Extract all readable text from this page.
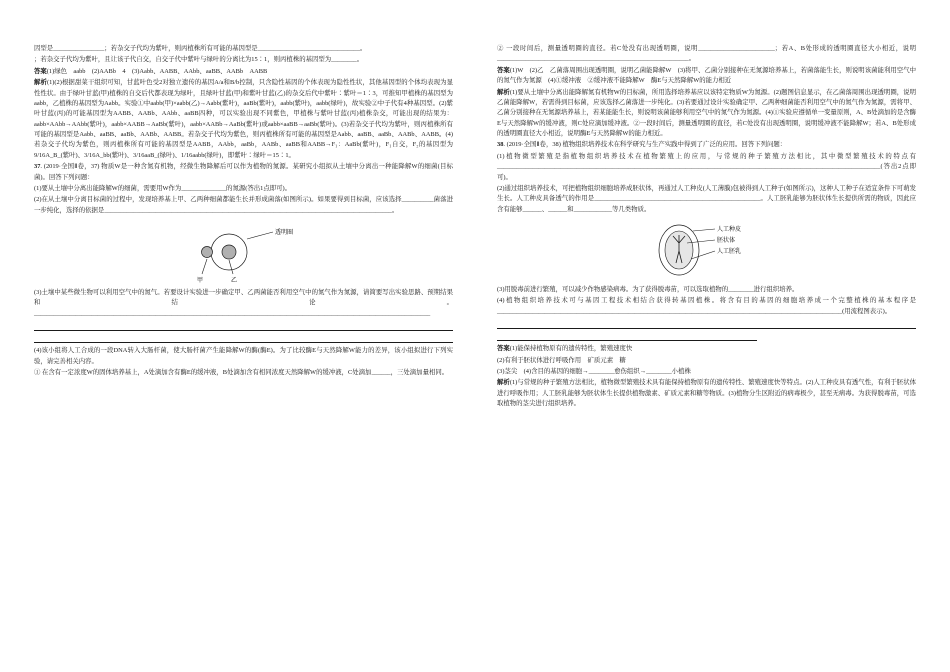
因型是________________；若杂交子代均为紫叶，则丙植株所有可能的基因型是________________________________。

；若杂交子代均为紫叶，且让该子代自交，自交子代中紫叶与绿叶的分离比为15∶1，则丙植株的基因型为________。

答案(1)绿色　aabb　(2)AABb　4　(3)Aabb、AABB、AAbb、aaBB、AABb　AABB

解析(1)(2)根据甜菜干组织可知，甘蓝叶色受2对独立遗传的基因A/a和B/b控制，只含隐性基因的个体表现为隐性性状，其他基因型的个体均表现为显性性状。由于绿叶甘蓝(甲)植株的自交后代都表现为绿叶，且绿叶甘蓝(甲)和紫叶甘蓝(乙)的杂交后代中紫叶∶紫叶＝1∶3，可推知甲植株的基因型为aabb，乙植株的基因型为Aabb。实验①中aabb(甲)×aabb(乙)→Aabb(紫叶)，aaBb(紫叶)，aabb(紫叶)，aabb(绿叶)，故实验②中子代有4种基因型。(2)紫叶甘蓝(丙)的可能基因型为AABB、AABb、AAbb、aaBB四种，可以实验出现不同紫色，甲植株与紫叶甘蓝(丙)植株杂交，可能出现的结果为：aabb×AAbb→AAbb(紫叶)，aabb×AABB→AaBb(紫叶)，aabb×AABb→AaBb(紫叶)或aabb×aaBB→aaBb(紫叶)。(3)若杂交子代均为紫叶，则丙植株所有可能的基因型是Aabb、aaBB、aaBb、AABb、AABB。若杂交子代均为紫色，则丙植株所有可能的基因型是Aabb、aaBB、aaBb、AABb、AABB。(4)若杂交子代均为紫色，则丙植株所有可能的基因型是AABB，AAbb，aaBb，AABb、aaBB和AABB→F₁：AaBb(紫叶)，F₁自交，F₂的基因型为9/16A_B_(紫叶)、3/16A_bb(紫叶)、3/16aaB_(绿叶)、1/16aabb(绿叶)，即紫叶∶绿叶＝15∶1。

37. (2019·全国Ⅱ卷，37) 物质W是一种含氮有机物，经微生物降解后可以作为植物的氮源。某研究小组拟从土壤中分离出一种能降解W的细菌(目标菌)。回答下列问题：

(1)要从土壤中分离出能降解W的细菌，需要用W作为______________的氮源(答出1点即可)。

(2)在从土壤中分离目标菌的过程中，发现培养基上甲、乙两种细菌都能生长并形成菌落(如图所示)。如果要得到目标菌，应该选择__________菌落进一步纯化，选择的依据是__________________________________________________________________________________________。

透明圈
甲	乙

(3)土壤中某些微生物可以利用空气中的氮气。若要设计实验进一步确定甲、乙两菌能否利用空气中的氮气作为氮源，请简要写出实验思路、预期结果和结论。____________________________________________________________________________________________________________________________

(4)该小组将人工合成的一段DNA转入大肠杆菌，使大肠杆菌产生能降解W的酶(酶E)。为了比较酶E与天然降解W能力的差异，该小组拟进行下列实验，请完善相关内容。

① 在含有一定浓度W的固体培养基上，A处滴加含有酶E的缓冲液，B处滴加含有相同浓度天然降解W的缓冲液，C处滴加______，三处滴加量相同。

② 一段时间后，测量透明圈的直径。若C处没有出现透明圈，说明________________________；若A、B处形成的透明圈直径大小相近，说明____________________________________________________________。

答案(1)W　(2)乙　乙菌落周围出现透明圈，说明乙菌能降解W　(3)将甲、乙菌分别接种在无氮源培养基上，若菌落能生长，则说明该菌能利用空气中的氮气作为氮源　(4)①缓冲液　②缓冲液不能降解W　酶E与天然降解W的能力相近

解析(1)要从土壤中分离出能降解氮有机物W的目标菌，所用选择培养基应以该特定物质W为氮源。(2)题图信息显示，在乙菌落周围出现透明圈，说明乙菌能降解W，若需得到目标菌，应该选择乙菌落进一步纯化。(3)若要通过设计实验确定甲、乙两种细菌能否利用空气中的氮气作为氮源，需将甲、乙菌分别接种在无氮源培养基上，若某能能生长，则说明该菌能够利用空气中的氮气作为氮源。(4)①实验应遵循单一变量原则，A、B处滴加的是含酶E与天然降解W的缓冲液，则C处应滴加缓冲液。②一段时间后，测量透明圈的直径，若C处没有出现透明圈，说明缓冲液不能降解W；若A、B处形成的透明圈直径大小相近，说明酶E与天然降解W的能力相近。

38. (2019·全国Ⅱ卷，38) 植物组织培养技术在科学研究与生产实践中得到了广泛的应用。回答下列问题：

(1)植物微型繁殖是指植物组织培养技术在植物繁殖上的应用，与常规的种子繁殖方法相比，其中微型繁殖技术的特点有________________________________________________________________________________________________________________________(答出2点即可)。

(2)通过组织培养技术，可把植物组织细胞培养成胚状体，再通过人工种皮(人工薄膜)包被得到人工种子(如图所示)，这种人工种子在适宜条件下可萌发生长。人工种皮具备透气的作用是____________________________________________________。人工胚乳能够为胚状体生长提供所需的物质，因此应含有能够______、______和____________等几类物质。

人工种皮
胚状体
人工胚乳

(3)用脱毒前进行繁殖，可以减少作物感染病毒。为了获得脱毒苗，可以选取植物的________进行组织培养。

(4)植物组织培养技术可与基因工程技术相结合获得转基因植株。将含有目的基因的细胞培养成一个完整植株的基本程序是____________________________________________________________________________________________________________(用流程图表示)。

答案(1)能保持植物原有的遗传特性，繁殖速度快

(2)有利于胚状体进行呼吸作用　矿质元素　糖

(3)茎尖　(4)含目的基因的细胞→________愈伤组织→________小植株

解析(1)与常规的种子繁殖方法相比，植物微型繁殖技术具有能保持植物原有的遗传特性、繁殖速度快等特点。(2)人工种皮具有透气性，有利于胚状体进行呼吸作用；人工胚乳能够为胚状体生长提供植物激素、矿质元素和糖等物质。(3)植物分生区附近的病毒极少，甚至无病毒。为获得脱毒苗，可选取植物的茎尖进行组织培养。
